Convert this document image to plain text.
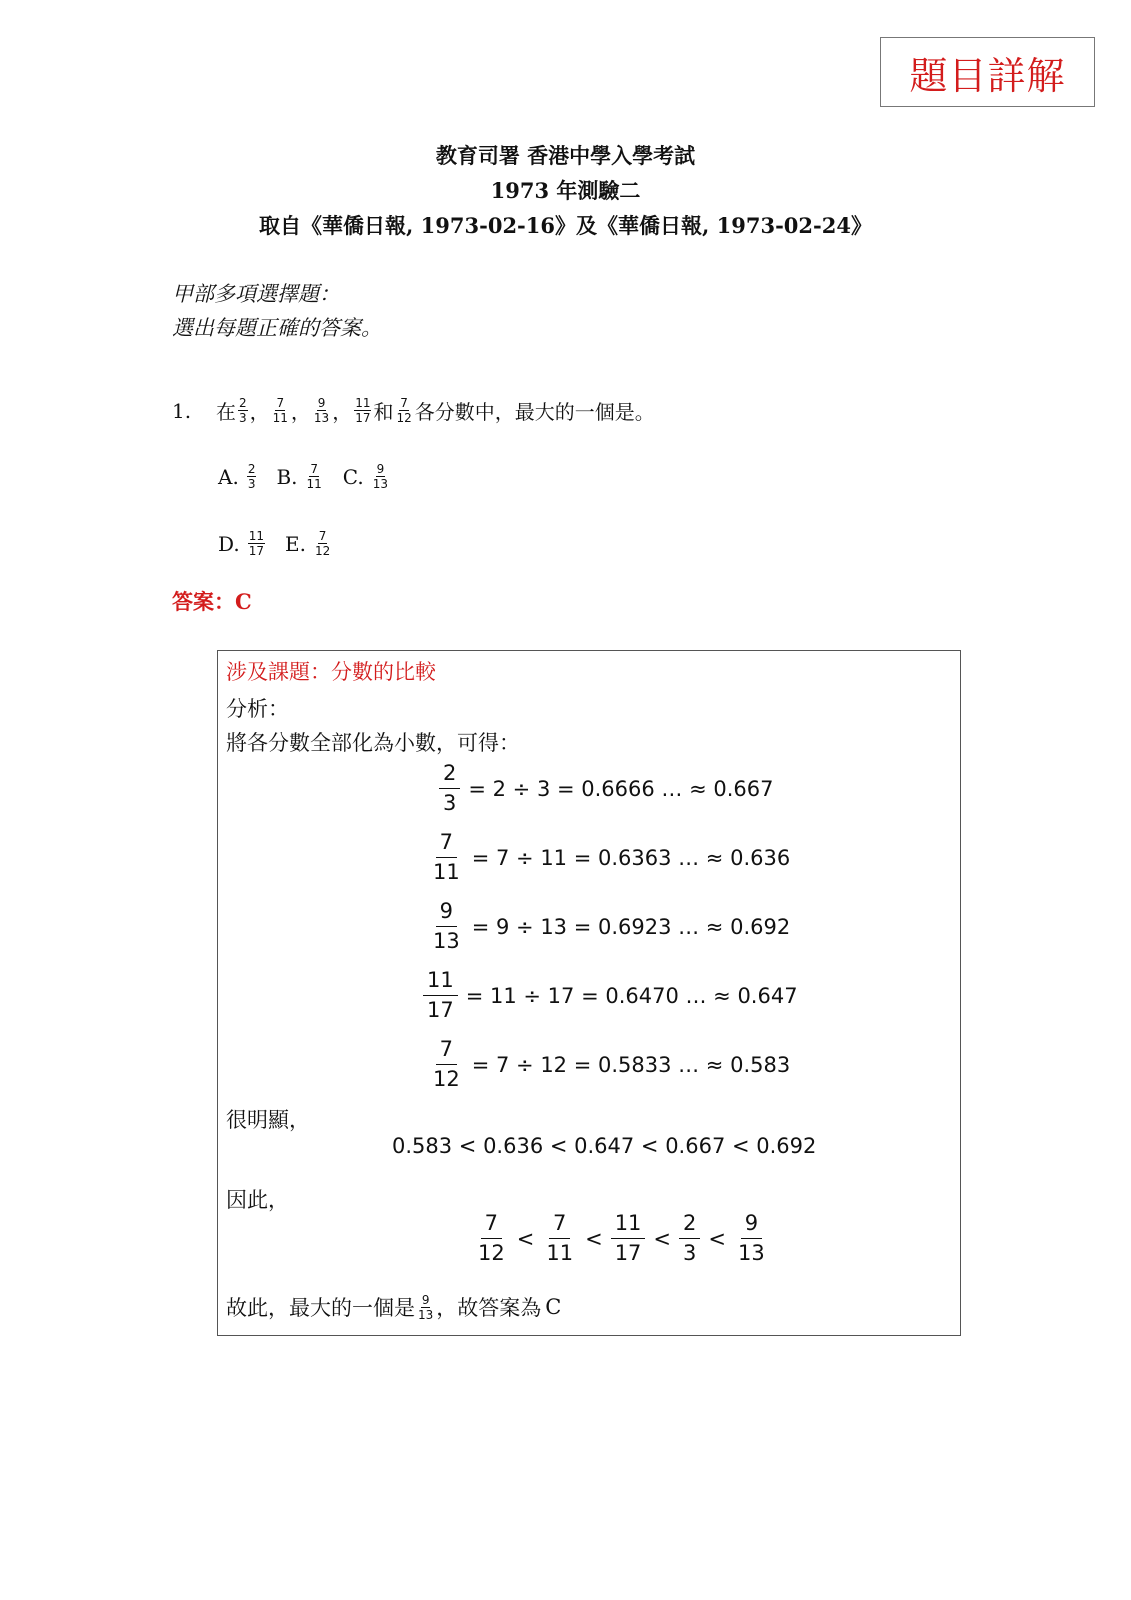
題目詳解
教育司署 香港中學入學考試
1973 年測驗二
取自《華僑日報, 1973-02-16》及《華僑日報, 1973-02-24》
甲部多項選擇題：
選出每題正確的答案。
1.	在 $\frac{2}{3}$ ， $\frac{7}{11}$ ， $\frac{9}{13}$ ， $\frac{11}{17}$ 和 $\frac{7}{12}$ 各分數中，最大的一個是。
A. $\frac{2}{3} B$. $\frac{7}{11} C$. $\frac{9}{13}$
D. $\frac{11}{17} E$. $\frac{7}{12}$
答案：C
涉及課題：分數的比較
分析：
將各分數全部化為小數，可得：
$\frac{2}{3} = 2 \div 3 = 0.6666$ … ≈ 0.667
$\frac{7}{11} = 7 \div 11 = 0.6363$ … ≈ 0.636
$\frac{9}{13} = 9 \div 13 = 0.6923$ … ≈ 0.692
$\frac{11}{17} = 11 \div 17 = 0.6470$ … ≈ 0.647
$\frac{7}{12} = 7 \div 12 = 0.5833$ … ≈ 0.583
很明顯，
0.583 < 0.636 < 0.647 < 0.667 < 0.692
因此，
$\frac{7}{12} < \frac{7}{11} < \frac{11}{17} < \frac{2}{3} < \frac{9}{13}$
故此，最大的一個是 $\frac{9}{13}$ ，故答案為 C
